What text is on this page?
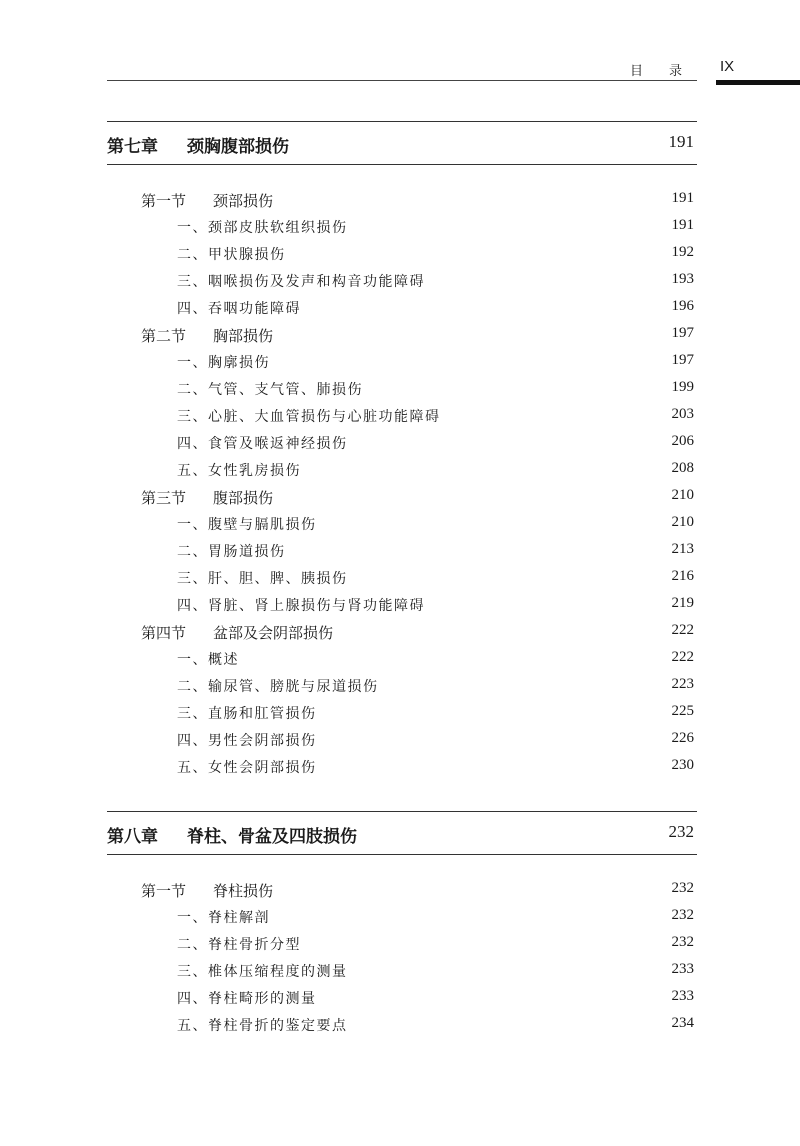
目录 IX
第七章 颈胸腹部损伤	191
第一节 颈部损伤	191
一、颈部皮肤软组织损伤	191
二、甲状腺损伤	192
三、咽喉损伤及发声和构音功能障碍	193
四、吞咽功能障碍	196
第二节 胸部损伤	197
一、胸廓损伤	197
二、气管、支气管、肺损伤	199
三、心脏、大血管损伤与心脏功能障碍	203
四、食管及喉返神经损伤	206
五、女性乳房损伤	208
第三节 腹部损伤	210
一、腹壁与膈肌损伤	210
二、胃肠道损伤	213
三、肝、胆、脾、胰损伤	216
四、肾脏、肾上腺损伤与肾功能障碍	219
第四节 盆部及会阴部损伤	222
一、概述	222
二、输尿管、膀胱与尿道损伤	223
三、直肠和肛管损伤	225
四、男性会阴部损伤	226
五、女性会阴部损伤	230
第八章 脊柱、骨盆及四肢损伤	232
第一节 脊柱损伤	232
一、脊柱解剖	232
二、脊柱骨折分型	232
三、椎体压缩程度的测量	233
四、脊柱畸形的测量	233
五、脊柱骨折的鉴定要点	234
